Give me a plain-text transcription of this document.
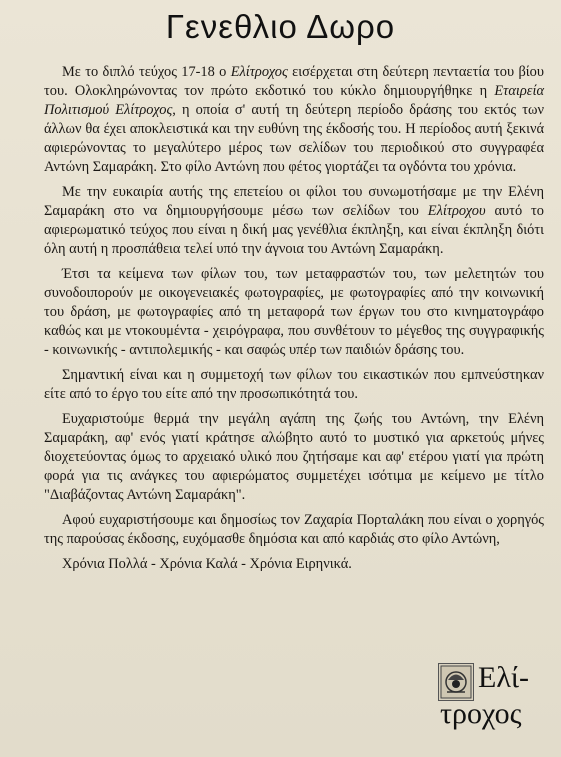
Γενεθλιο Δωρο

Με το διπλό τεύχος 17-18 ο Ελίτροχος εισέρχεται στη δεύτερη πενταετία του βίου του. Ολοκληρώνοντας τον πρώτο εκδοτικό του κύκλο δημιουργήθηκε η Εταιρεία Πολιτισμού Ελίτροχος, η οποία σ' αυτή τη δεύτερη περίοδο δράσης του εκτός των άλλων θα έχει αποκλειστικά και την ευθύνη της έκδοσής του. Η περίοδος αυτή ξεκινά αφιερώνοντας το μεγαλύτερο μέρος των σελίδων του περιοδικού στο συγγραφέα Αντώνη Σαμαράκη. Στο φίλο Αντώνη που φέτος γιορτάζει τα ογδόντα του χρόνια.

Με την ευκαιρία αυτής της επετείου οι φίλοι του συνωμοτήσαμε με την Ελένη Σαμαράκη στο να δημιουργήσουμε μέσω των σελίδων του Ελίτροχου αυτό το αφιερωματικό τεύχος που είναι η δική μας γενέθλια έκπληξη, και είναι έκπληξη διότι όλη αυτή η προσπάθεια τελεί υπό την άγνοια του Αντώνη Σαμαράκη.

Έτσι τα κείμενα των φίλων του, των μεταφραστών του, των μελετητών του συνοδοιπορούν με οικογενειακές φωτογραφίες, με φωτογραφίες από την κοινωνική του δράση, με φωτογραφίες από τη μεταφορά των έργων του στο κινηματογράφο καθώς και με ντοκουμέντα - χειρόγραφα, που συνθέτουν το μέγεθος της συγγραφικής - κοινωνικής - αντιπολεμικής - και σαφώς υπέρ των παιδιών δράσης του.

Σημαντική είναι και η συμμετοχή των φίλων του εικαστικών που εμπνεύστηκαν είτε από το έργο του είτε από την προσωπικότητά του.

Ευχαριστούμε θερμά την μεγάλη αγάπη της ζωής του Αντώνη, την Ελένη Σαμαράκη, αφ' ενός γιατί κράτησε αλώβητο αυτό το μυστικό για αρκετούς μήνες διοχετεύοντας όμως το αρχειακό υλικό που ζητήσαμε και αφ' ετέρου γιατί για πρώτη φορά για τις ανάγκες του αφιερώματος συμμετέχει ισότιμα με κείμενο με τίτλο "Διαβάζοντας Αντώνη Σαμαράκη".

Αφού ευχαριστήσουμε και δημοσίως τον Ζαχαρία Πορταλάκη που είναι ο χορηγός της παρούσας έκδοσης, ευχόμασθε δημόσια και από καρδιάς στο φίλο Αντώνη,

Χρόνια Πολλά - Χρόνια Καλά - Χρόνια Ειρηνικά.

Ελί-
τροχος
